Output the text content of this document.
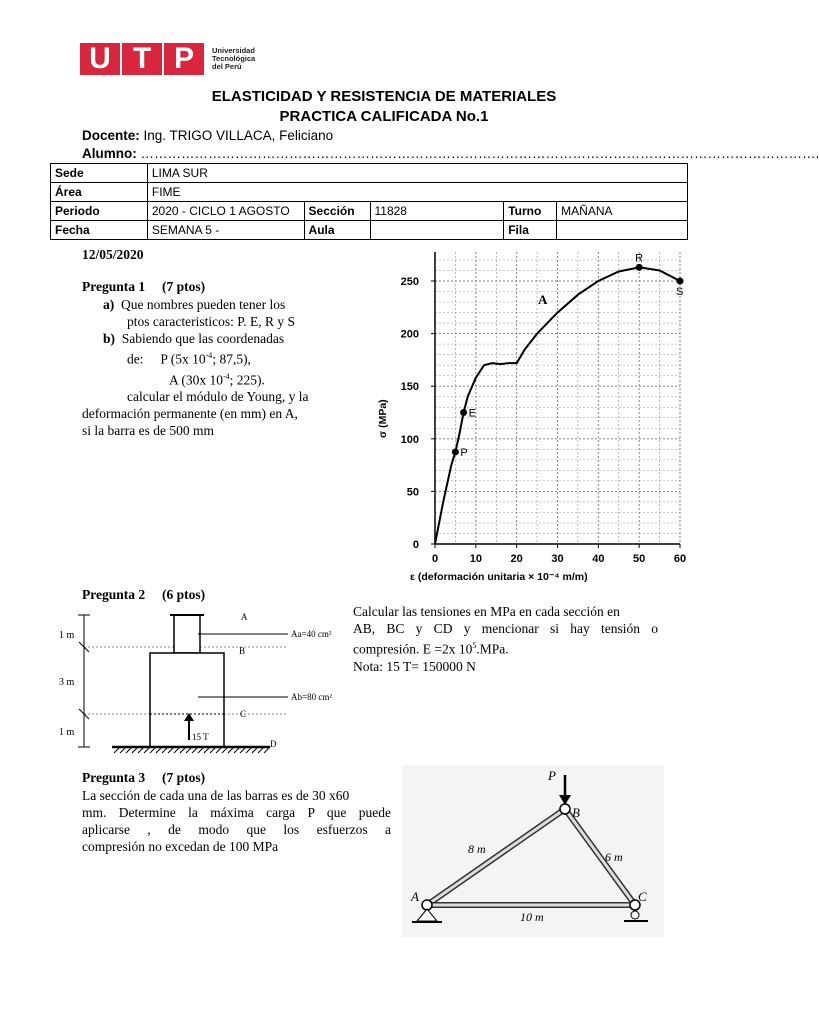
U T P	Universidad
Tecnológica
del Perú
ELASTICIDAD Y RESISTENCIA DE MATERIALES
PRACTICA CALIFICADA No.1
Docente: Ing. TRIGO VILLACA, Feliciano
Alumno: …………………………………………………………………………………………………………………………………….
Sede	LIMA SUR				
Área	FIME				
Periodo	2020 - CICLO 1 AGOSTO	Sección	11828	Turno	MAÑANA
Fecha	SEMANA 5 -	Aula		Fila	
12/05/2020
Pregunta 1 (7 ptos)
a) Que nombres pueden tener los
ptos caracteristicos: P. E, R y S
b) Sabiendo que las coordenadas
de: P (5x $10^{-4}$; 87,5),
A (30x $10^{-4}$; 225).
calcular el módulo de Young, y la
deformación permanente (en mm) en A,
si la barra es de 500 mm
0	10	20	30	40	50	60
0
50
100
150
200
250
P
E
R
S
A
ε (deformación unitaria × 10⁻⁴ m/m)
σ (MPa)
Pregunta 2 (6 ptos)
Calcular las tensiones en MPa en cada sección en
AB, BC y CD y mencionar si hay tensión o
compresión. E =2x $10^5.MPa$.
Nota: 15 T= 150000 N
1 m
3 m
1 m
Aa=40 cm²
Ab=80 cm²
A
B
C
D
15 T
Pregunta 3 (7 ptos)
La sección de cada una de las barras es de 30 x60
mm. Determine la máxima carga P que puede
aplicarse , de modo que los esfuerzos a
compresión no excedan de 100 MPa
P
B
A	C
8 m
6 m
10 m
